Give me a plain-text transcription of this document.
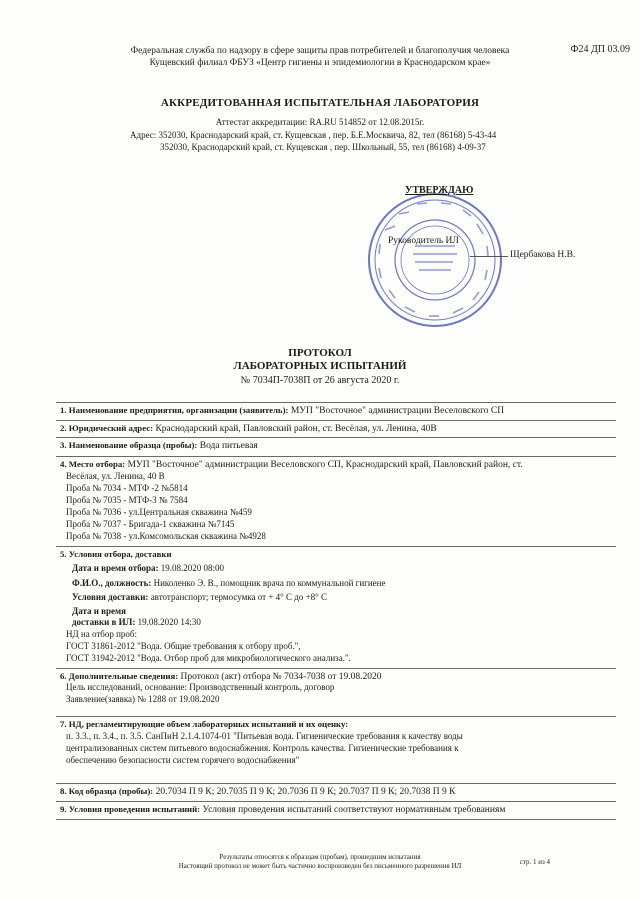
Ф24 ДП 03.09
Федеральная служба по надзору в сфере защиты прав потребителей и благополучия человека
Кущевский филиал ФБУЗ «Центр гигиены и эпидемиологии в Краснодарском крае»
АККРЕДИТОВАННАЯ ИСПЫТАТЕЛЬНАЯ ЛАБОРАТОРИЯ
Аттестат аккредитации: RA.RU 514852 от 12.08.2015г.
Адрес: 352030, Краснодарский край, ст. Кущевская , пер. Б.Е.Москвича, 82, тел (86168) 5-43-44
352030, Краснодарский край, ст. Кущевская , пер. Школьный, 55, тел (86168) 4-09-37
УТВЕРЖДАЮ
Руководитель ИЛ
Щербакова Н.В.
ПРОТОКОЛ
ЛАБОРАТОРНЫХ ИСПЫТАНИЙ
№ 7034П-7038П от 26 августа 2020 г.
1. Наименование предприятия, организации (заявитель): МУП "Восточное" администрации Веселовского СП
2. Юридический адрес: Краснодарский край, Павловский район, ст. Весёлая, ул. Ленина, 40В
3. Наименование образца (пробы): Вода питьевая
4. Место отбора: МУП "Восточное" администрации Веселовского СП, Краснодарский край, Павловский район, ст.
Весёлая, ул. Ленина, 40 В
Проба № 7034 - МТФ -2 №5814
Проба № 7035 - МТФ-3 № 7584
Проба № 7036 - ул.Центральная скважина №459
Проба № 7037 - Бригада-1 скважина №7145
Проба № 7038 - ул.Комсомольская скважина №4928
5. Условия отбора, доставки
Дата и время отбора: 19.08.2020 08:00
Ф.И.О., должность: Николенко Э. В., помощник врача по коммунальной гигиене
Условия доставки: автотранспорт; термосумка от + 4° С до +8° С
Дата и время
доставки в ИЛ: 19.08.2020 14:30
НД на отбор проб:
ГОСТ 31861-2012 "Вода. Общие требования к отбору проб.",
ГОСТ 31942-2012 "Вода. Отбор проб для микробиологического анализа.".
6. Дополнительные сведения: Протокол (акт) отбора № 7034-7038 от 19.08.2020
Цель исследований, основание: Производственный контроль, договор
Заявление(заявка) № 1288 от 19.08.2020
7. НД, регламентирующие объем лабораторных испытаний и их оценку:
п. 3.3., п. 3.4., п. 3.5. СанПиН 2.1.4.1074-01 "Питьевая вода. Гигиенические требования к качеству воды
централизованных систем питьевого водоснабжения. Контроль качества. Гигиенические требования к
обеспечению безопасности систем горячего водоснабжения"
8. Код образца (пробы): 20.7034 П 9 К; 20.7035 П 9 К; 20.7036 П 9 К; 20.7037 П 9 К; 20.7038 П 9 К
9. Условия проведения испытаний: Условия проведения испытаний соответствуют нормативным требованиям
Результаты относятся к образцам (пробам), прошедшим испытания
Настоящий протокол не может быть частично воспроизведен без письменного разрешения ИЛ	стр. 1 из 4
